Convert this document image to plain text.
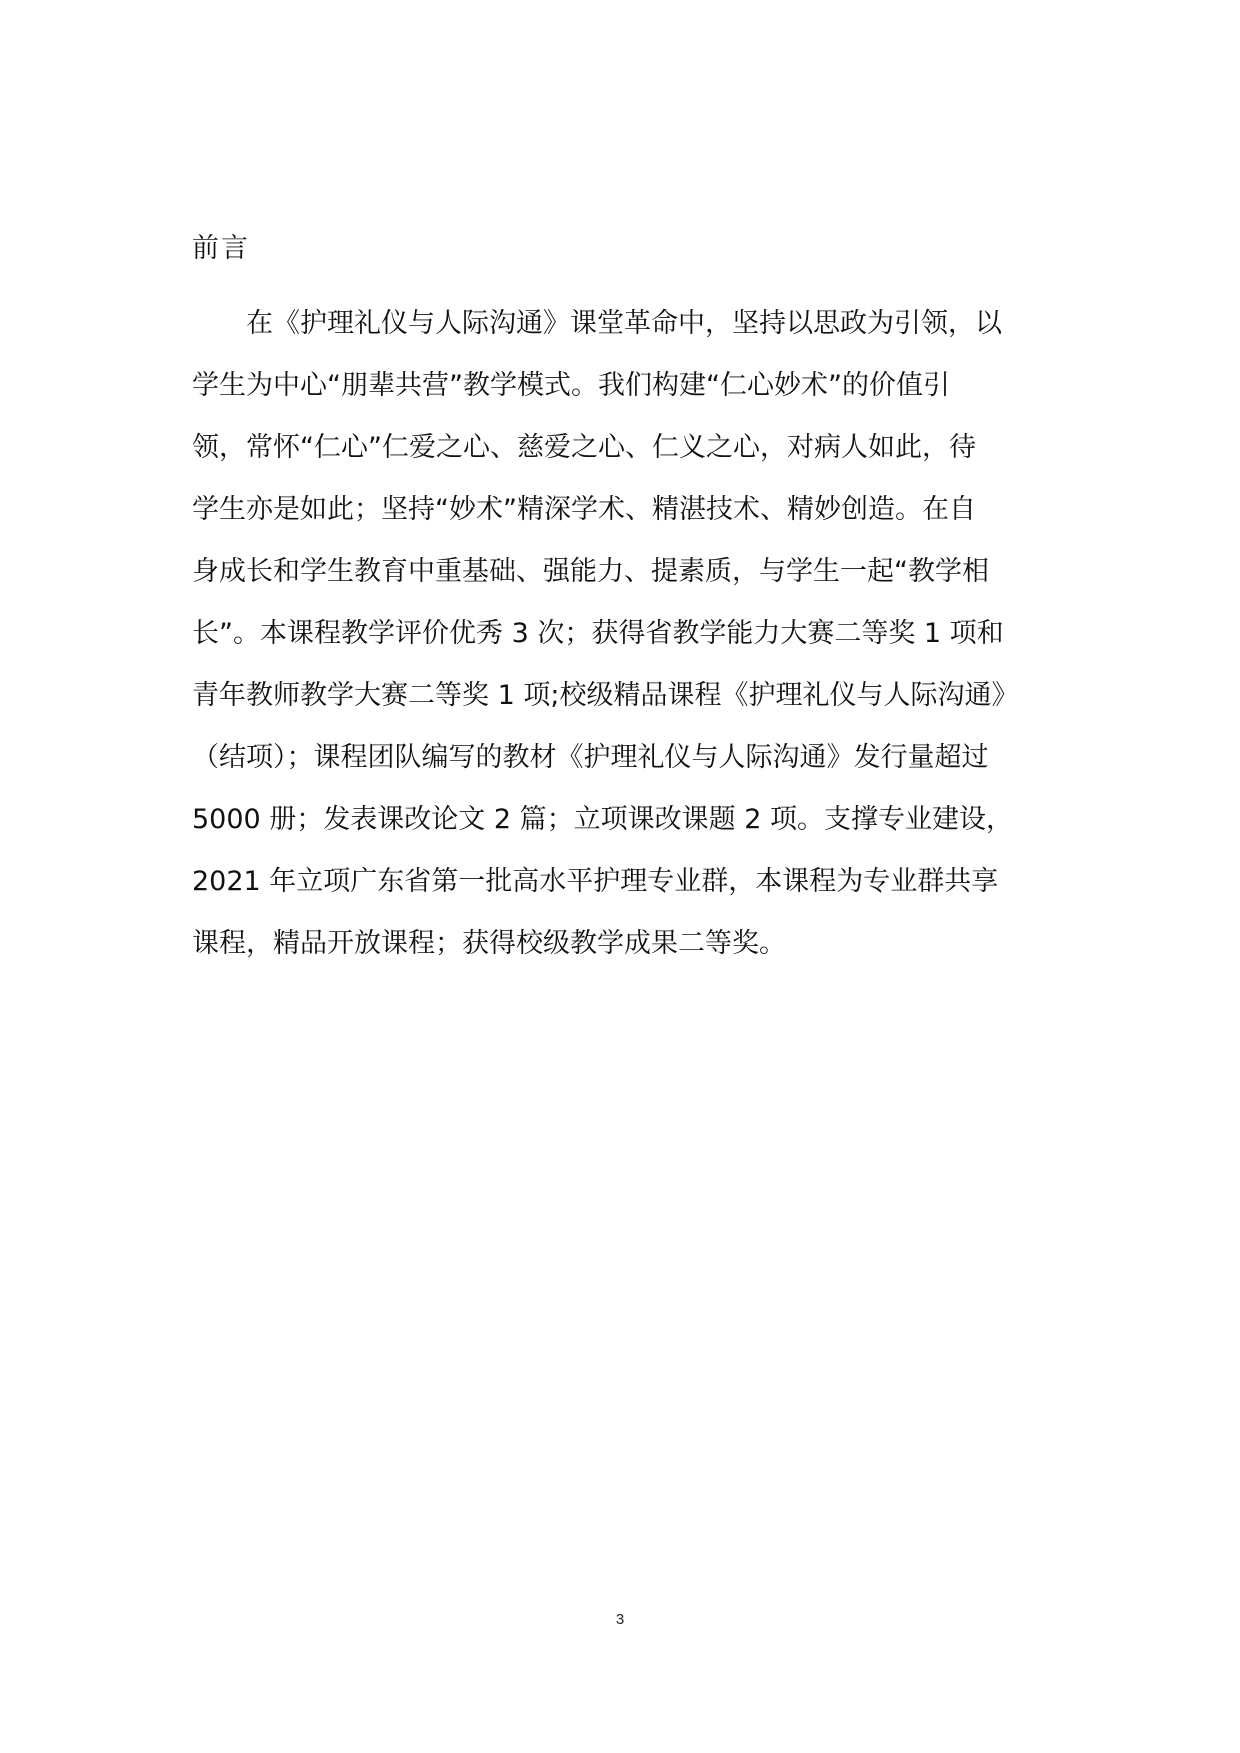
前言
在《护理礼仪与人际沟通》课堂革命中，坚持以思政为引领，以
学生为中心“朋辈共营”教学模式。我们构建“仁心妙术”的价值引
领，常怀“仁心”仁爱之心、慈爱之心、仁义之心，对病人如此，待
学生亦是如此；坚持“妙术”精深学术、精湛技术、精妙创造。在自
身成长和学生教育中重基础、强能力、提素质，与学生一起“教学相
长”。本课程教学评价优秀 3 次；获得省教学能力大赛二等奖 1 项和
青年教师教学大赛二等奖 1 项;校级精品课程《护理礼仪与人际沟通》
（结项）；课程团队编写的教材《护理礼仪与人际沟通》发行量超过
5000 册；发表课改论文 2 篇；立项课改课题 2 项。支撑专业建设，
2021 年立项广东省第一批高水平护理专业群，本课程为专业群共享
课程，精品开放课程；获得校级教学成果二等奖。
3
